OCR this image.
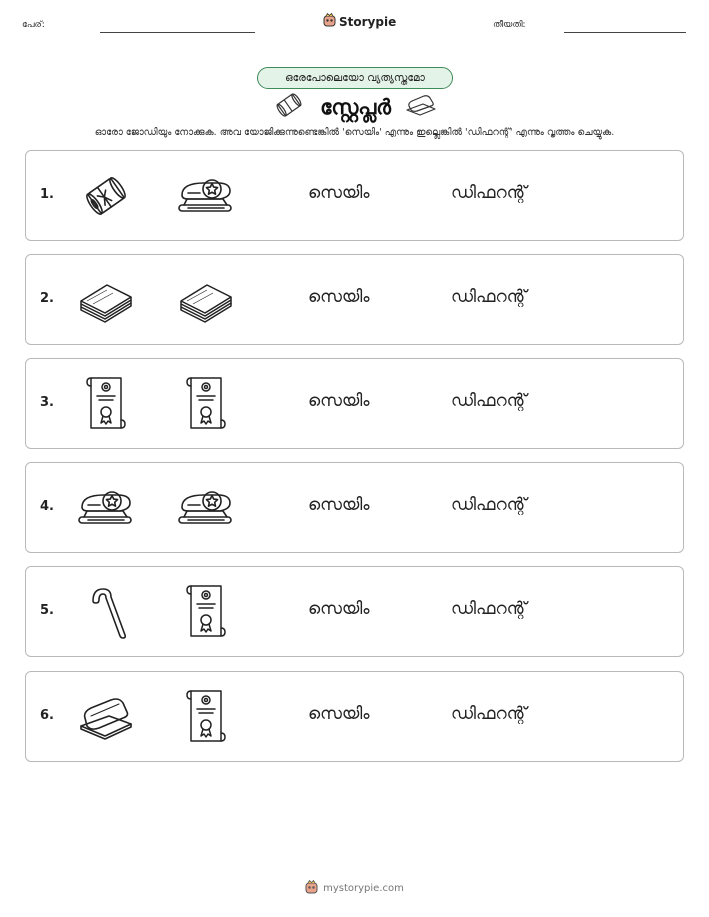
പേര്:	Storypie	തീയതി:
ഒരേപോലെയോ വ്യത്യസ്തമോ
സ്റ്റേപ്ലർ
ഓരോ ജോഡിയും നോക്കുക. അവ യോജിക്കുന്നുണ്ടെങ്കിൽ 'സെയിം' എന്നും ഇല്ലെങ്കിൽ 'ഡിഫറന്റ്' എന്നും വൃത്തം ചെയ്യുക.
1.	സെയിം	ഡിഫറന്റ്
2.	സെയിം	ഡിഫറന്റ്
3.	സെയിം	ഡിഫറന്റ്
4.	സെയിം	ഡിഫറന്റ്
5.	സെയിം	ഡിഫറന്റ്
6.	സെയിം	ഡിഫറന്റ്
mystorypie.com
